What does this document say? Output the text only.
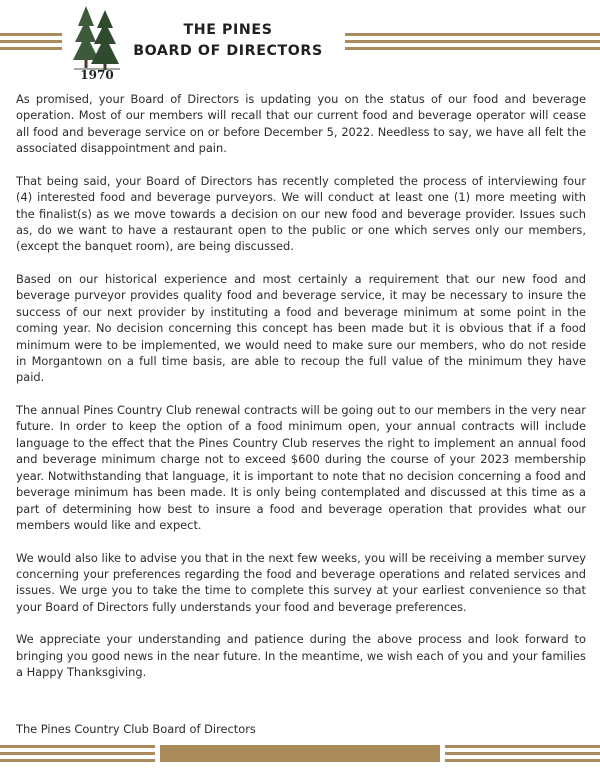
1970
THE PINES
BOARD OF DIRECTORS

As promised, your Board of Directors is updating you on the status of our food and beverage operation. Most of our members will recall that our current food and beverage operator will cease all food and beverage service on or before December 5, 2022. Needless to say, we have all felt the associated disappointment and pain.

That being said, your Board of Directors has recently completed the process of interviewing four (4) interested food and beverage purveyors. We will conduct at least one (1) more meeting with the finalist(s) as we move towards a decision on our new food and beverage provider. Issues such as, do we want to have a restaurant open to the public or one which serves only our members, (except the banquet room), are being discussed.

Based on our historical experience and most certainly a requirement that our new food and beverage purveyor provides quality food and beverage service, it may be necessary to insure the success of our next provider by instituting a food and beverage minimum at some point in the coming year. No decision concerning this concept has been made but it is obvious that if a food minimum were to be implemented, we would need to make sure our members, who do not reside in Morgantown on a full time basis, are able to recoup the full value of the minimum they have paid.

The annual Pines Country Club renewal contracts will be going out to our members in the very near future. In order to keep the option of a food minimum open, your annual contracts will include language to the effect that the Pines Country Club reserves the right to implement an annual food and beverage minimum charge not to exceed $600 during the course of your 2023 membership year. Notwithstanding that language, it is important to note that no decision concerning a food and beverage minimum has been made. It is only being contemplated and discussed at this time as a part of determining how best to insure a food and beverage operation that provides what our members would like and expect.

We would also like to advise you that in the next few weeks, you will be receiving a member survey concerning your preferences regarding the food and beverage operations and related services and issues. We urge you to take the time to complete this survey at your earliest convenience so that your Board of Directors fully understands your food and beverage preferences.

We appreciate your understanding and patience during the above process and look forward to bringing you good news in the near future. In the meantime, we wish each of you and your families a Happy Thanksgiving.

The Pines Country Club Board of Directors
